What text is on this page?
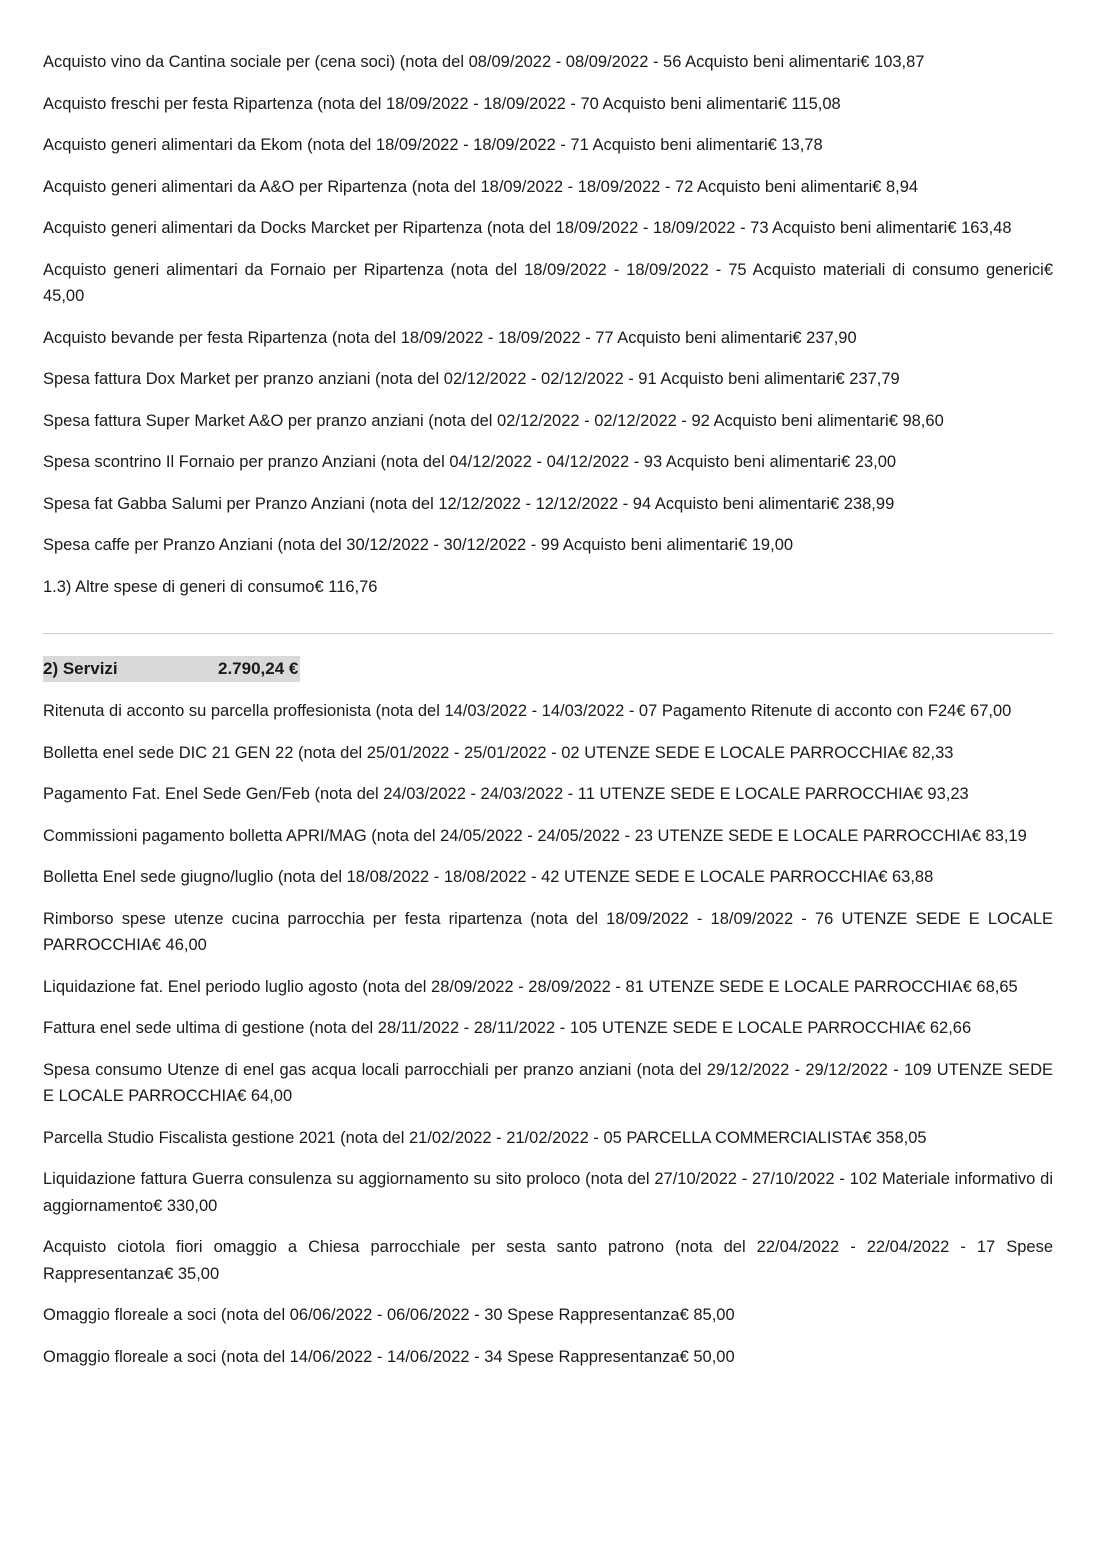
Acquisto vino da Cantina sociale per (cena soci) (nota del 08/09/2022 - 08/09/2022 - 56 Acquisto beni alimentari€ 103,87

Acquisto freschi per festa Ripartenza (nota del 18/09/2022 - 18/09/2022 - 70 Acquisto beni alimentari€ 115,08

Acquisto generi alimentari da Ekom (nota del 18/09/2022 - 18/09/2022 - 71 Acquisto beni alimentari€ 13,78

Acquisto generi alimentari da A&O per Ripartenza (nota del 18/09/2022 - 18/09/2022 - 72 Acquisto beni alimentari€ 8,94

Acquisto generi alimentari da Docks Marcket per Ripartenza (nota del 18/09/2022 - 18/09/2022 - 73 Acquisto beni alimentari€ 163,48

Acquisto generi alimentari da Fornaio per Ripartenza (nota del 18/09/2022 - 18/09/2022 - 75 Acquisto materiali di consumo generici€ 45,00

Acquisto bevande per festa Ripartenza (nota del 18/09/2022 - 18/09/2022 - 77 Acquisto beni alimentari€ 237,90

Spesa fattura Dox Market per pranzo anziani (nota del 02/12/2022 - 02/12/2022 - 91 Acquisto beni alimentari€ 237,79

Spesa fattura Super Market A&O per pranzo anziani (nota del 02/12/2022 - 02/12/2022 - 92 Acquisto beni alimentari€ 98,60

Spesa scontrino Il Fornaio per pranzo Anziani (nota del 04/12/2022 - 04/12/2022 - 93 Acquisto beni alimentari€ 23,00

Spesa fat Gabba Salumi per Pranzo Anziani (nota del 12/12/2022 - 12/12/2022 - 94 Acquisto beni alimentari€ 238,99

Spesa caffe per Pranzo Anziani (nota del 30/12/2022 - 30/12/2022 - 99 Acquisto beni alimentari€ 19,00

1.3) Altre spese di generi di consumo€ 116,76

2) Servizi	2.790,24 €

Ritenuta di acconto su parcella proffesionista (nota del 14/03/2022 - 14/03/2022 - 07 Pagamento Ritenute di acconto con F24€ 67,00

Bolletta enel sede DIC 21 GEN 22 (nota del 25/01/2022 - 25/01/2022 - 02 UTENZE SEDE E LOCALE PARROCCHIA€ 82,33

Pagamento Fat. Enel Sede Gen/Feb (nota del 24/03/2022 - 24/03/2022 - 11 UTENZE SEDE E LOCALE PARROCCHIA€ 93,23

Commissioni pagamento bolletta APRI/MAG (nota del 24/05/2022 - 24/05/2022 - 23 UTENZE SEDE E LOCALE PARROCCHIA€ 83,19

Bolletta Enel sede giugno/luglio (nota del 18/08/2022 - 18/08/2022 - 42 UTENZE SEDE E LOCALE PARROCCHIA€ 63,88

Rimborso spese utenze cucina parrocchia per festa ripartenza (nota del 18/09/2022 - 18/09/2022 - 76 UTENZE SEDE E LOCALE PARROCCHIA€ 46,00

Liquidazione fat. Enel periodo luglio agosto (nota del 28/09/2022 - 28/09/2022 - 81 UTENZE SEDE E LOCALE PARROCCHIA€ 68,65

Fattura enel sede ultima di gestione (nota del 28/11/2022 - 28/11/2022 - 105 UTENZE SEDE E LOCALE PARROCCHIA€ 62,66

Spesa consumo Utenze di enel gas acqua locali parrocchiali per pranzo anziani (nota del 29/12/2022 - 29/12/2022 - 109 UTENZE SEDE E LOCALE PARROCCHIA€ 64,00

Parcella Studio Fiscalista gestione 2021 (nota del 21/02/2022 - 21/02/2022 - 05 PARCELLA COMMERCIALISTA€ 358,05

Liquidazione fattura Guerra consulenza su aggiornamento su sito proloco (nota del 27/10/2022 - 27/10/2022 - 102 Materiale informativo di aggiornamento€ 330,00

Acquisto ciotola fiori omaggio a Chiesa parrocchiale per sesta santo patrono (nota del 22/04/2022 - 22/04/2022 - 17 Spese Rappresentanza€ 35,00

Omaggio floreale a soci (nota del 06/06/2022 - 06/06/2022 - 30 Spese Rappresentanza€ 85,00

Omaggio floreale a soci (nota del 14/06/2022 - 14/06/2022 - 34 Spese Rappresentanza€ 50,00
